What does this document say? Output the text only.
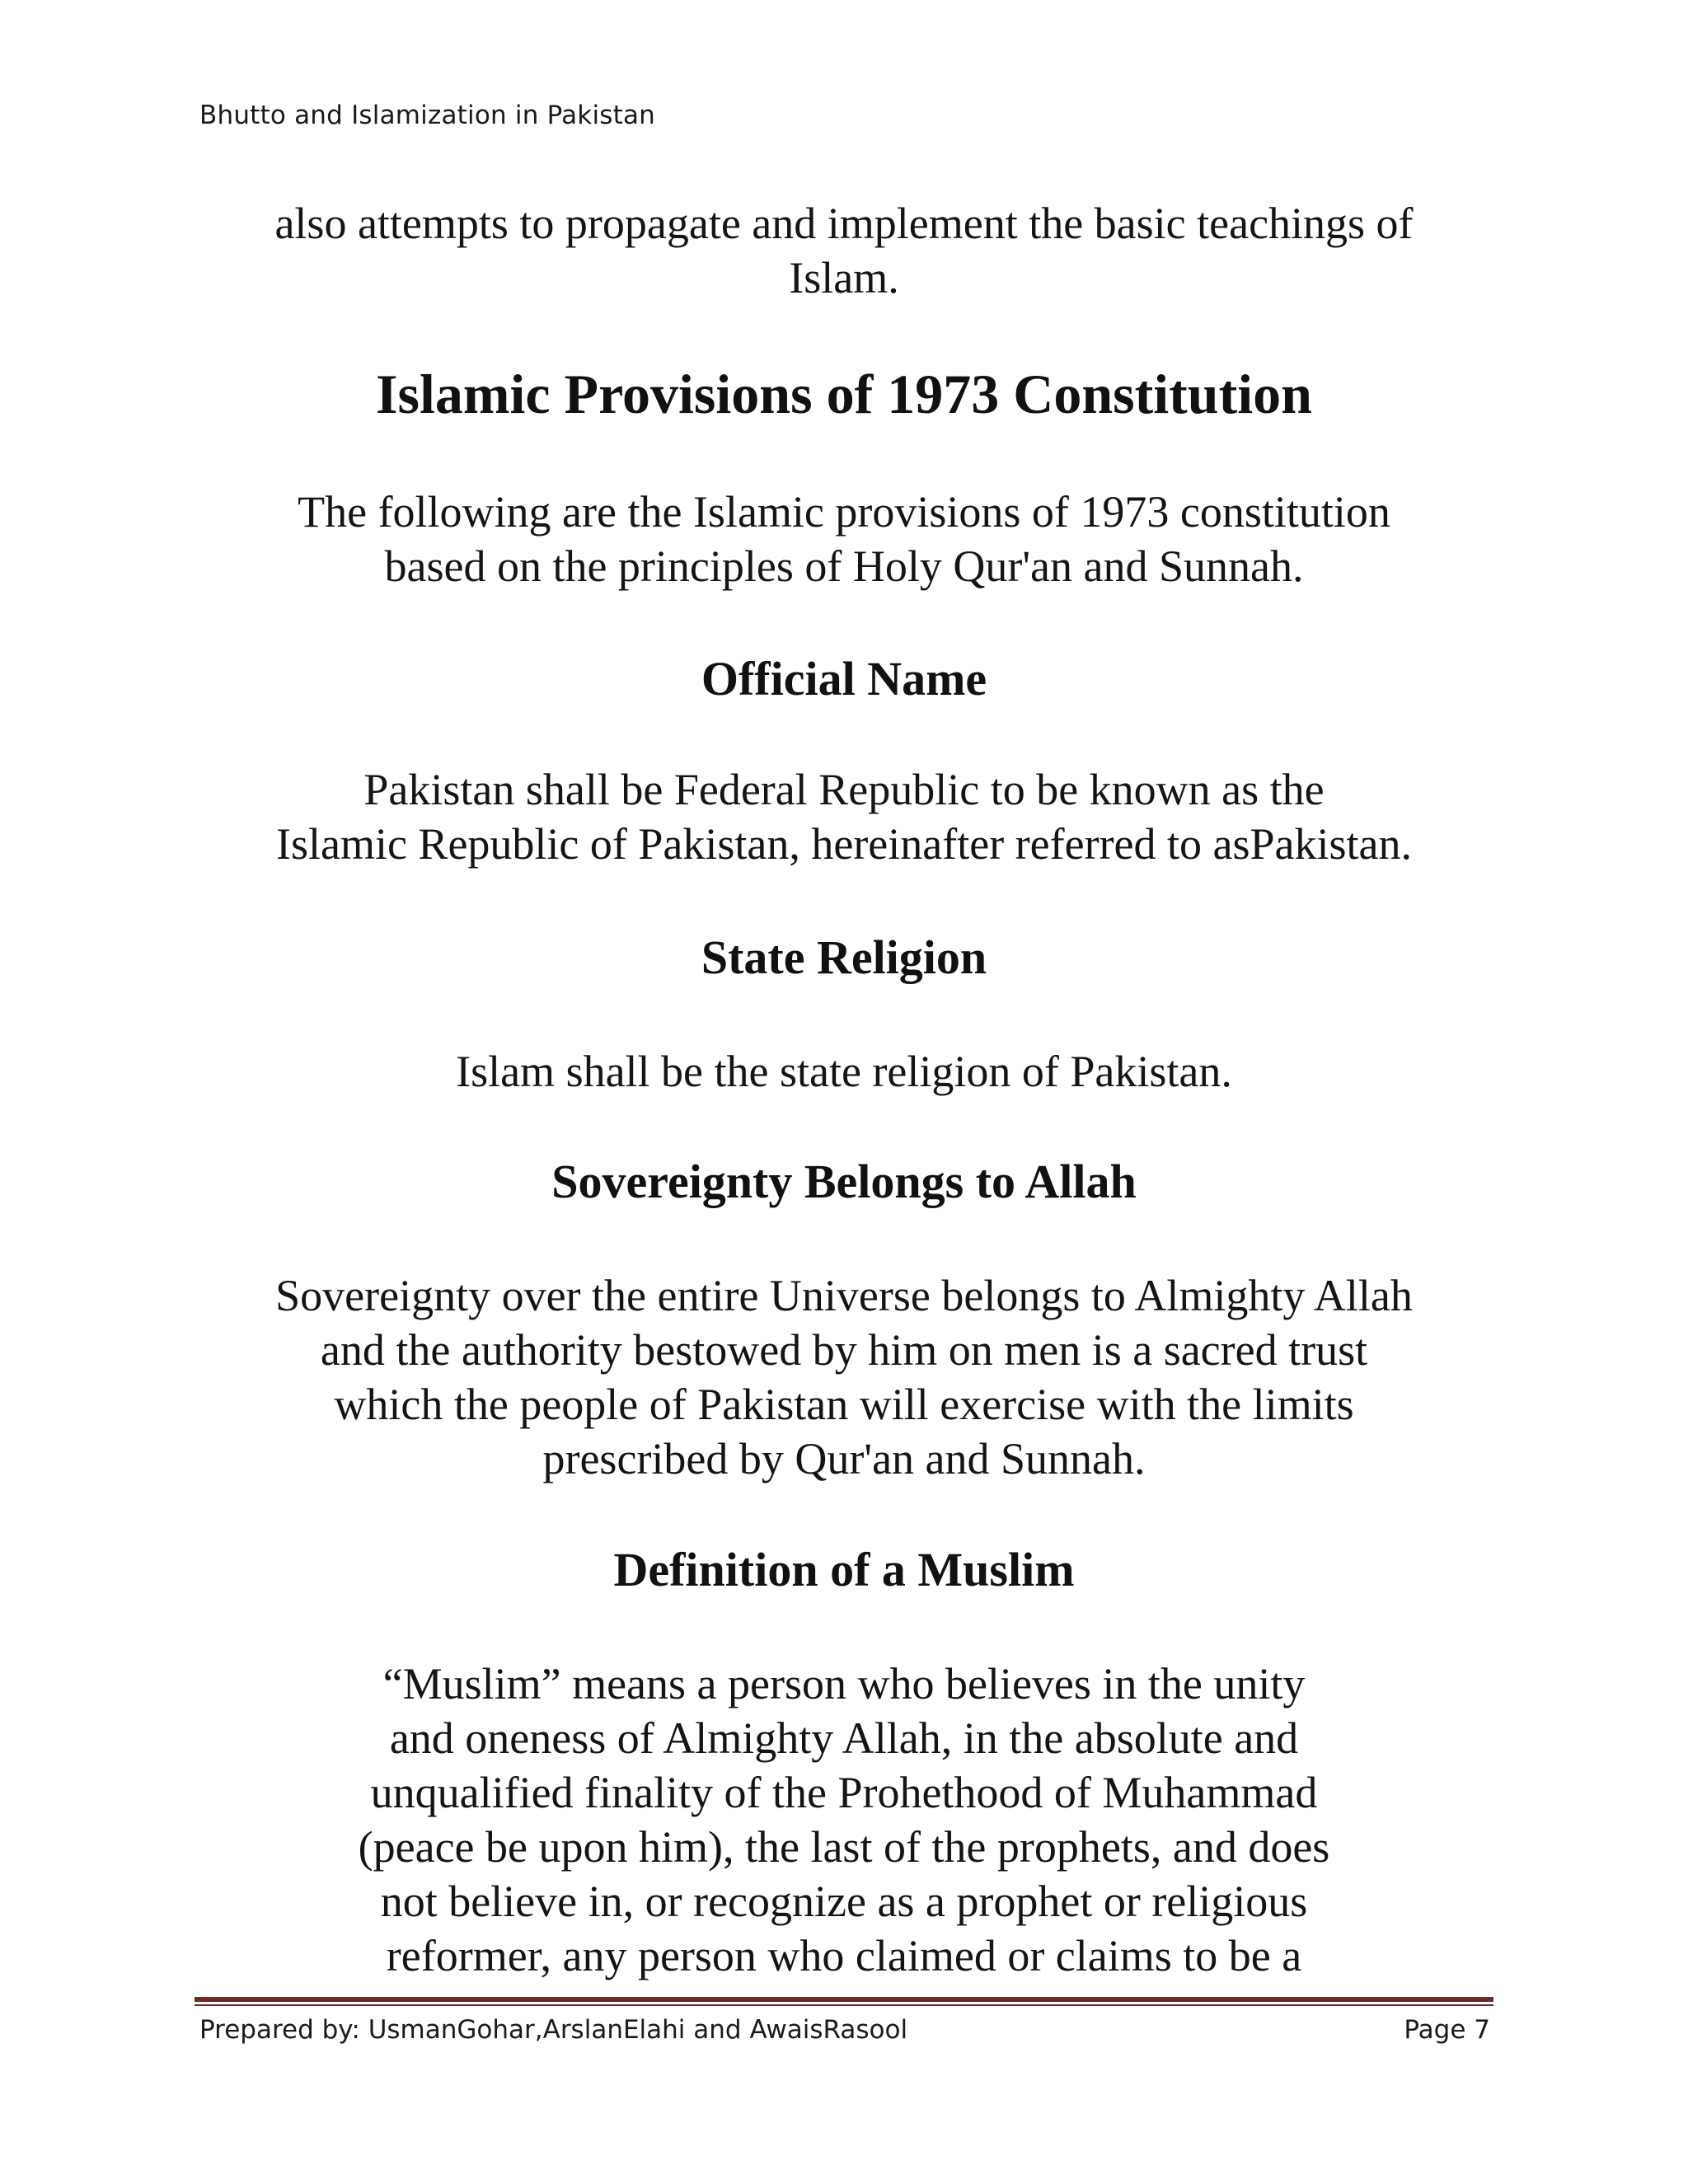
Bhutto and Islamization in Pakistan
also attempts to propagate and implement the basic teachings of
Islam.
Islamic Provisions of 1973 Constitution
The following are the Islamic provisions of 1973 constitution
based on the principles of Holy Qur'an and Sunnah.
Official Name
Pakistan shall be Federal Republic to be known as the
Islamic Republic of Pakistan, hereinafter referred to asPakistan.
State Religion
Islam shall be the state religion of Pakistan.
Sovereignty Belongs to Allah
Sovereignty over the entire Universe belongs to Almighty Allah
and the authority bestowed by him on men is a sacred trust
which the people of Pakistan will exercise with the limits
prescribed by Qur'an and Sunnah.
Definition of a Muslim
“Muslim” means a person who believes in the unity
and oneness of Almighty Allah, in the absolute and
unqualified finality of the Prohethood of Muhammad
(peace be upon him), the last of the prophets, and does
not believe in, or recognize as a prophet or religious
reformer, any person who claimed or claims to be a
Prepared by: UsmanGohar,ArslanElahi and AwaisRasool	Page 7
